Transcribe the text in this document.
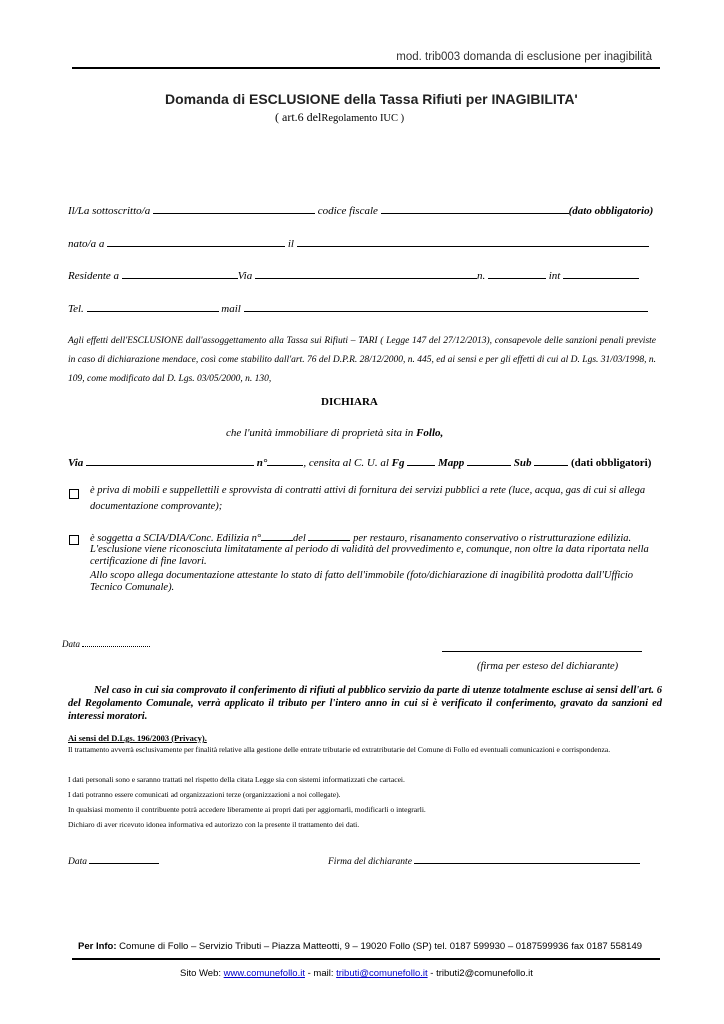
mod. trib003 domanda di esclusione per inagibilità
Domanda di ESCLUSIONE della Tassa Rifiuti per INAGIBILITA'
( art.6 delRegolamento IUC )
Il/La sottoscritto/a	codice fiscale	(dato obbligatorio)
nato/a a	il
Residente a	Via	n.	int
Tel.	mail
Agli effetti dell'ESCLUSIONE dall'assoggettamento alla Tassa sui Rifiuti – TARI ( Legge 147 del 27/12/2013), consapevole delle sanzioni penali previste in caso di dichiarazione mendace, così come stabilito dall'art. 76 del D.P.R. 28/12/2000, n. 445, ed ai sensi e per gli effetti di cui al D. Lgs. 31/03/1998, n. 109, come modificato dal D. Lgs. 03/05/2000, n. 130,
DICHIARA
che l'unità immobiliare di proprietà sita in Follo,
Via	n°	, censita al C. U. al Fg	Mapp	Sub	(dati obbligatori)
è priva di mobili e suppellettili e sprovvista di contratti attivi di fornitura dei servizi pubblici a rete (luce, acqua, gas di cui si allega documentazione comprovante);
è soggetta a SCIA/DIA/Conc. Edilizia n°	del	per restauro, risanamento conservativo o ristrutturazione edilizia.
L'esclusione viene riconosciuta limitatamente al periodo di validità del provvedimento e, comunque, non oltre la data riportata nella certificazione di fine lavori.
Allo scopo allega documentazione attestante lo stato di fatto dell'immobile (foto/dichiarazione di inagibilità prodotta dall'Ufficio Tecnico Comunale).
Data
(firma per esteso del dichiarante)
Nel caso in cui sia comprovato il conferimento di rifiuti al pubblico servizio da parte di utenze totalmente escluse ai sensi dell'art. 6 del Regolamento Comunale, verrà applicato il tributo per l'intero anno in cui si è verificato il conferimento, gravato da sanzioni ed interessi moratori.
Ai sensi del D.Lgs. 196/2003 (Privacy).
Il trattamento avverrà esclusivamente per finalità relative alla gestione delle entrate tributarie ed extratributarie del Comune di Follo ed eventuali comunicazioni e corrispondenza.
I dati personali sono e saranno trattati nel rispetto della citata Legge sia con sistemi informatizzati che cartacei.
I dati potranno essere comunicati ad organizzazioni terze (organizzazioni a noi collegate).
In qualsiasi momento il contribuente potrà accedere liberamente ai propri dati per aggiornarli, modificarli o integrarli.
Dichiaro di aver ricevuto idonea informativa ed autorizzo con la presente il trattamento dei dati.
Data	Firma del dichiarante
Per Info: Comune di Follo – Servizio Tributi – Piazza Matteotti, 9 – 19020 Follo (SP) tel. 0187 599930 – 0187599936 fax 0187 558149
Sito Web: www.comunefollo.it - mail: tributi@comunefollo.it - tributi2@comunefollo.it
